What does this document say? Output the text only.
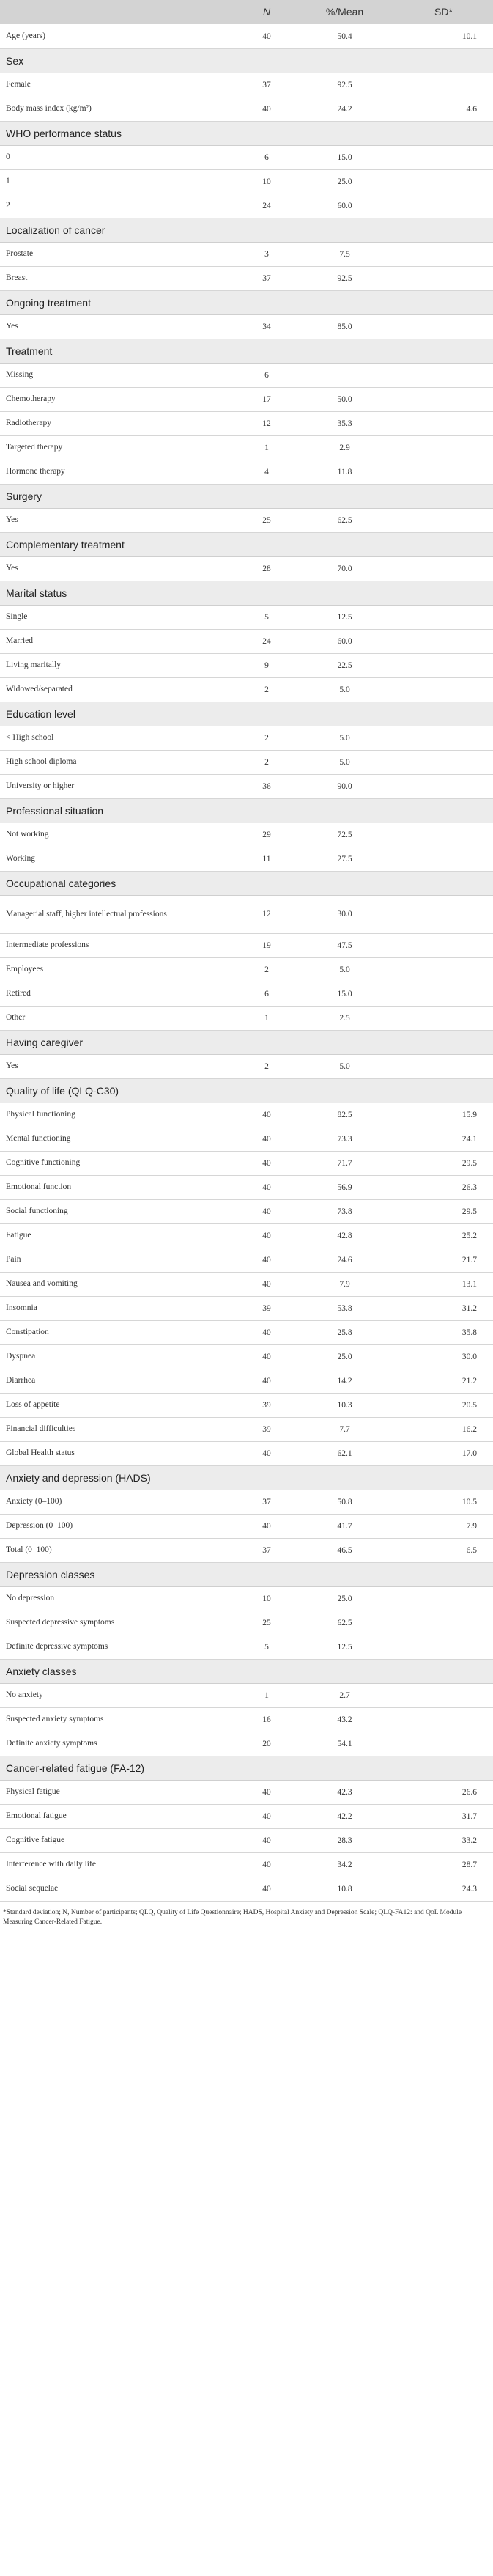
	N	%/Mean	SD*
Age (years)	40	50.4	10.1
Sex			
Female	37	92.5	
Body mass index (kg/m²)	40	24.2	4.6
WHO performance status			
0	6	15.0	
1	10	25.0	
2	24	60.0	
Localization of cancer			
Prostate	3	7.5	
Breast	37	92.5	
Ongoing treatment			
Yes	34	85.0	
Treatment			
Missing	6		
Chemotherapy	17	50.0	
Radiotherapy	12	35.3	
Targeted therapy	1	2.9	
Hormone therapy	4	11.8	
Surgery			
Yes	25	62.5	
Complementary treatment			
Yes	28	70.0	
Marital status			
Single	5	12.5	
Married	24	60.0	
Living maritally	9	22.5	
Widowed/separated	2	5.0	
Education level			
< High school	2	5.0	
High school diploma	2	5.0	
University or higher	36	90.0	
Professional situation			
Not working	29	72.5	
Working	11	27.5	
Occupational categories			
Managerial staff, higher intellectual professions	12	30.0	
Intermediate professions	19	47.5	
Employees	2	5.0	
Retired	6	15.0	
Other	1	2.5	
Having caregiver			
Yes	2	5.0	
Quality of life (QLQ-C30)			
Physical functioning	40	82.5	15.9
Mental functioning	40	73.3	24.1
Cognitive functioning	40	71.7	29.5
Emotional function	40	56.9	26.3
Social functioning	40	73.8	29.5
Fatigue	40	42.8	25.2
Pain	40	24.6	21.7
Nausea and vomiting	40	7.9	13.1
Insomnia	39	53.8	31.2
Constipation	40	25.8	35.8
Dyspnea	40	25.0	30.0
Diarrhea	40	14.2	21.2
Loss of appetite	39	10.3	20.5
Financial difficulties	39	7.7	16.2
Global Health status	40	62.1	17.0
Anxiety and depression (HADS)			
Anxiety (0–100)	37	50.8	10.5
Depression (0–100)	40	41.7	7.9
Total (0–100)	37	46.5	6.5
Depression classes			
No depression	10	25.0	
Suspected depressive symptoms	25	62.5	
Definite depressive symptoms	5	12.5	
Anxiety classes			
No anxiety	1	2.7	
Suspected anxiety symptoms	16	43.2	
Definite anxiety symptoms	20	54.1	
Cancer-related fatigue (FA-12)			
Physical fatigue	40	42.3	26.6
Emotional fatigue	40	42.2	31.7
Cognitive fatigue	40	28.3	33.2
Interference with daily life	40	34.2	28.7
Social sequelae	40	10.8	24.3
*Standard deviation; N, Number of participants; QLQ, Quality of Life Questionnaire; HADS, Hospital Anxiety and Depression Scale; QLQ-FA12: and QoL Module Measuring Cancer-Related Fatigue.
